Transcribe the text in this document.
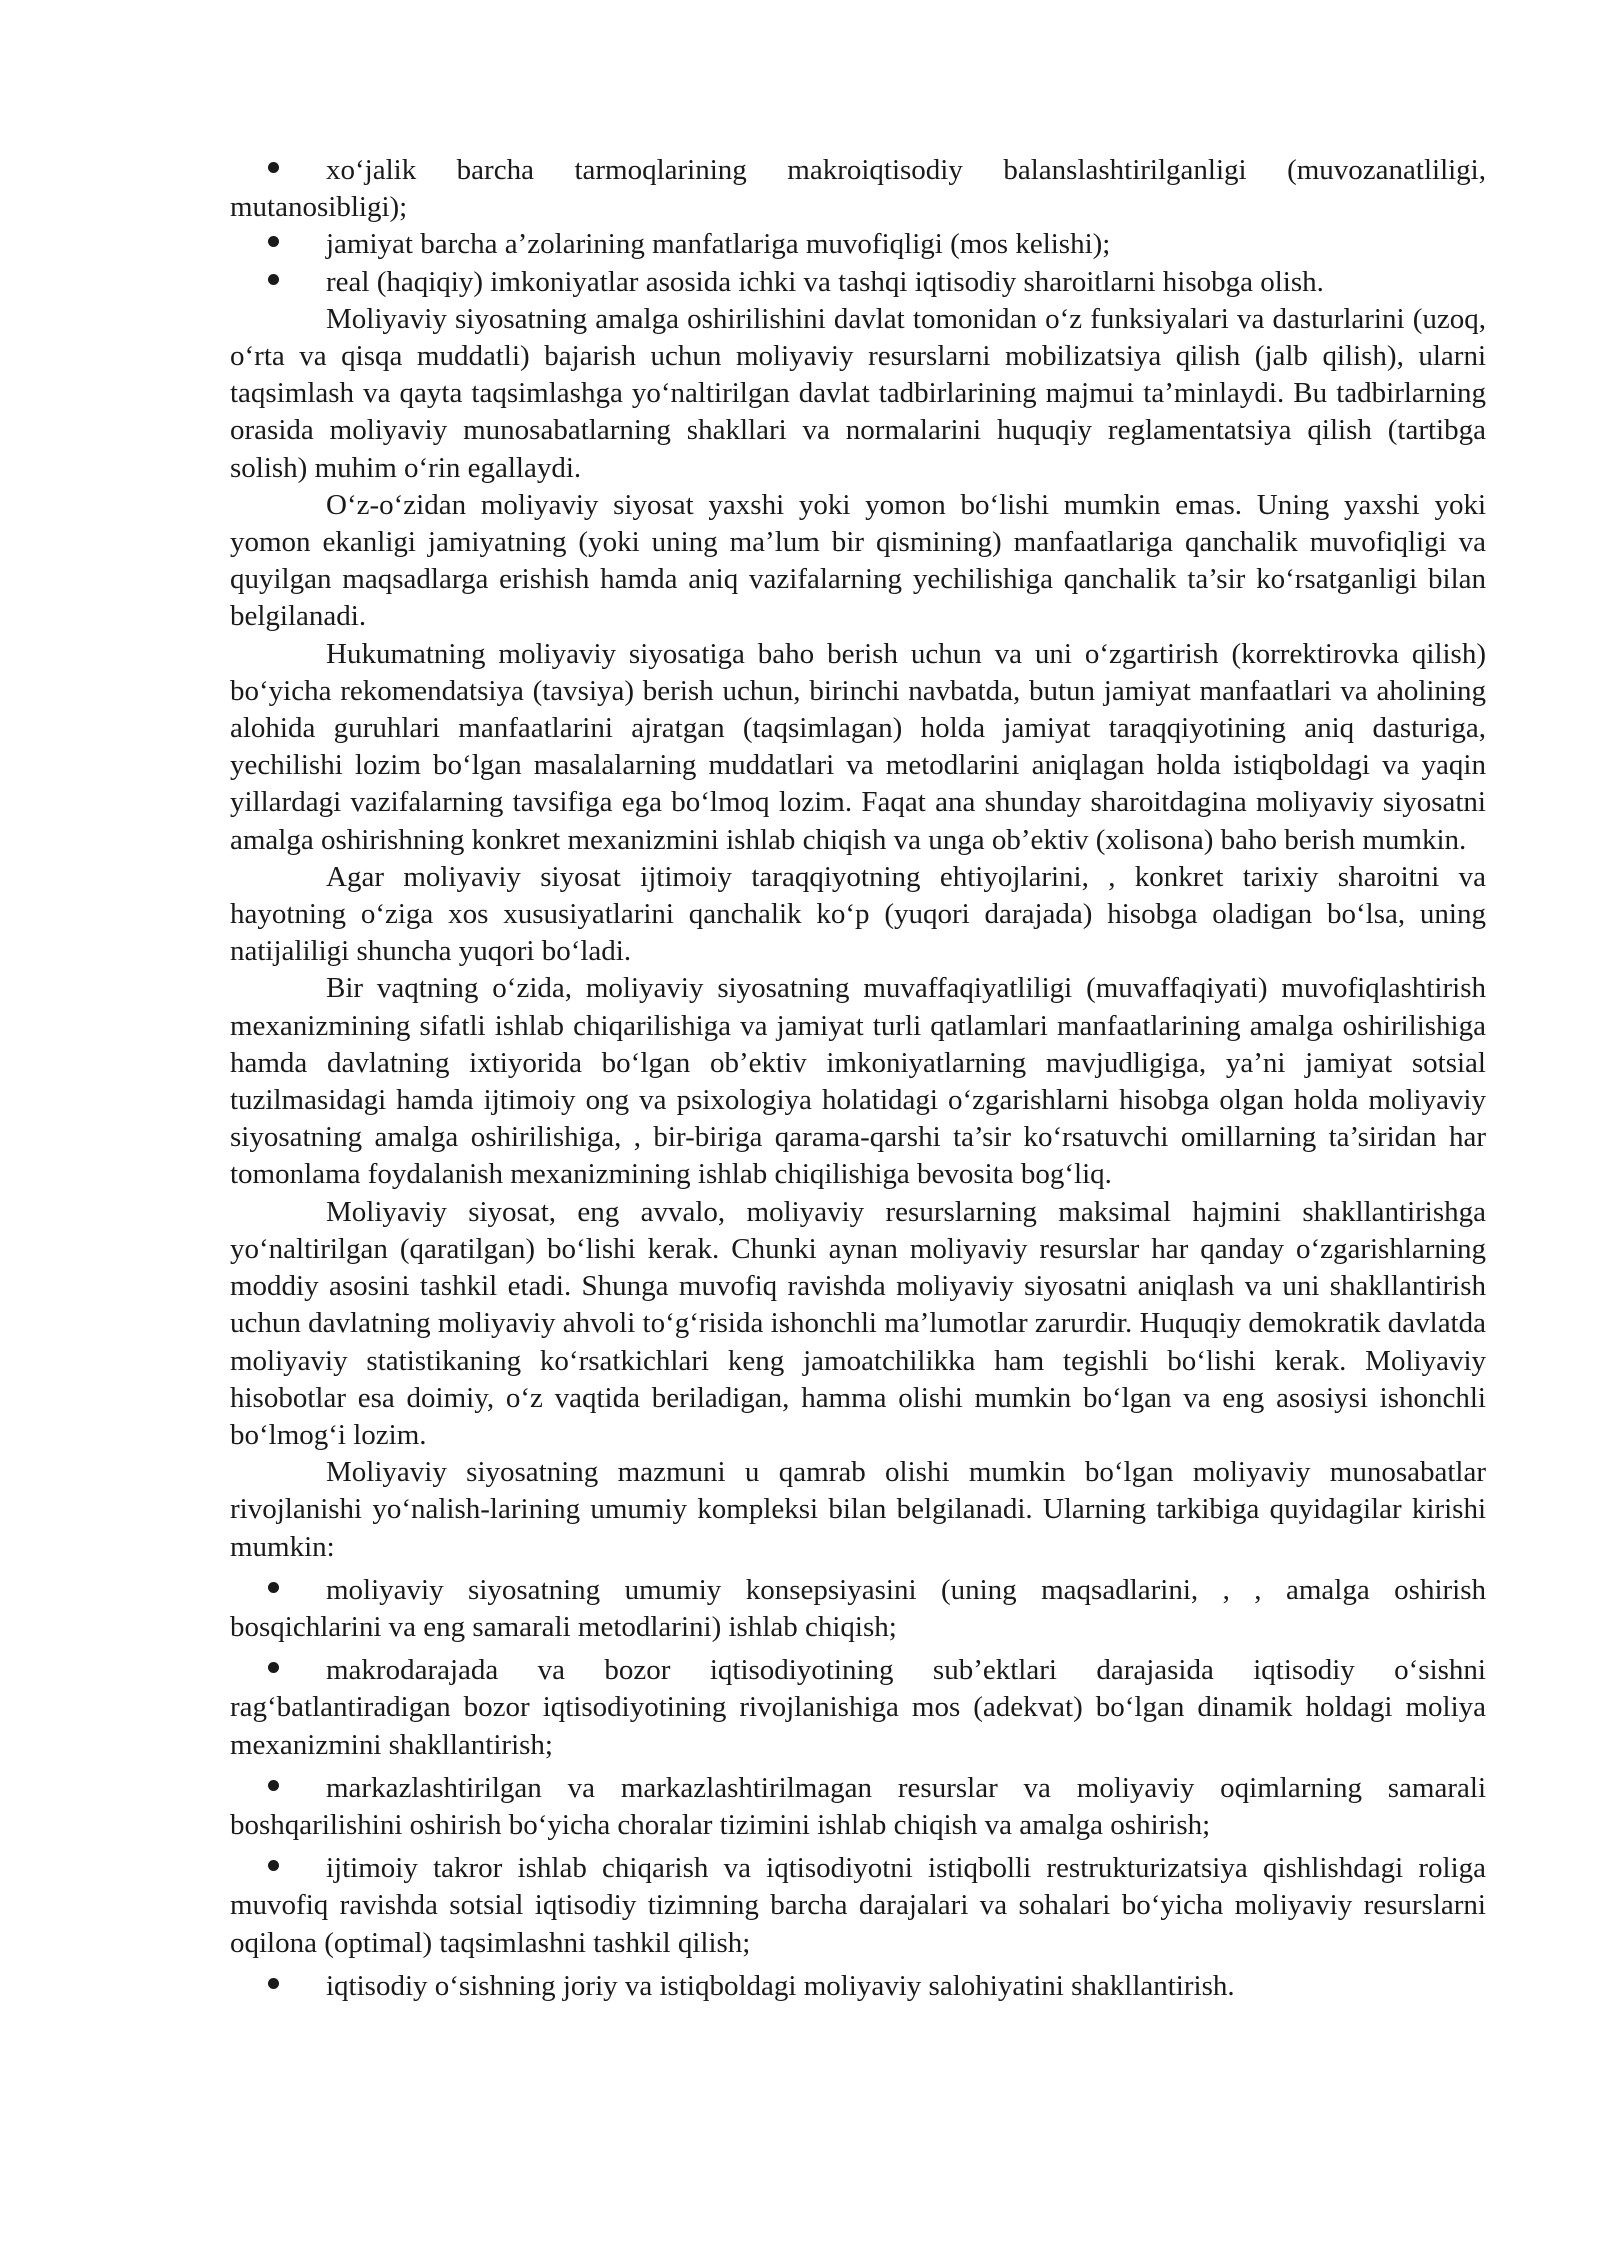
xo‘jalik barcha tarmoqlarining makroiqtisodiy balanslashtirilganligi (muvozanatliligi, mutanosibligi);

jamiyat barcha a’zolarining manfatlariga muvofiqligi (mos kelishi);

real (haqiqiy) imkoniyatlar asosida ichki va tashqi iqtisodiy sharoitlarni hisobga olish.

Moliyaviy siyosatning amalga oshirilishini davlat tomonidan o‘z funksiyalari va dasturlarini (uzoq, o‘rta va qisqa muddatli) bajarish uchun moliyaviy resurslarni mobilizatsiya qilish (jalb qilish), ularni taqsimlash va qayta taqsimlashga yo‘naltirilgan davlat tadbirlarining majmui ta’minlaydi. Bu tadbirlarning orasida moliyaviy munosabatlarning shakllari va normalarini huquqiy reglamentatsiya qilish (tartibga solish) muhim o‘rin egallaydi.

O‘z-o‘zidan moliyaviy siyosat yaxshi yoki yomon bo‘lishi mumkin emas. Uning yaxshi yoki yomon ekanligi jamiyatning (yoki uning ma’lum bir qismining) manfaatlariga qanchalik muvofiqligi va quyilgan maqsadlarga erishish hamda aniq vazifalarning yechilishiga qanchalik ta’sir ko‘rsatganligi bilan belgilanadi.

Hukumatning moliyaviy siyosatiga baho berish uchun va uni o‘zgartirish (korrektirovka qilish) bo‘yicha rekomendatsiya (tavsiya) berish uchun, birinchi navbatda, butun jamiyat manfaatlari va aholining alohida guruhlari manfaatlarini ajratgan (taqsimlagan) holda jamiyat taraqqiyotining aniq dasturiga, yechilishi lozim bo‘lgan masalalarning muddatlari va metodlarini aniqlagan holda istiqboldagi va yaqin yillardagi vazifalarning tavsifiga ega bo‘lmoq lozim. Faqat ana shunday sharoitdagina moliyaviy siyosatni amalga oshirishning konkret mexanizmini ishlab chiqish va unga ob’ektiv (xolisona) baho berish mumkin.

Agar moliyaviy siyosat ijtimoiy taraqqiyotning ehtiyojlarini, , konkret tarixiy sharoitni va hayotning o‘ziga xos xususiyatlarini qanchalik ko‘p (yuqori darajada) hisobga oladigan bo‘lsa, uning natijaliligi shuncha yuqori bo‘ladi.

Bir vaqtning o‘zida, moliyaviy siyosatning muvaffaqiyatliligi (muvaffaqiyati) muvofiqlashtirish mexanizmining sifatli ishlab chiqarilishiga va jamiyat turli qatlamlari manfaatlarining amalga oshirilishiga hamda davlatning ixtiyorida bo‘lgan ob’ektiv imkoniyatlarning mavjudligiga, ya’ni jamiyat sotsial tuzilmasidagi hamda ijtimoiy ong va psixologiya holatidagi o‘zgarishlarni hisobga olgan holda moliyaviy siyosatning amalga oshirilishiga, , bir-biriga qarama-qarshi ta’sir ko‘rsatuvchi omillarning ta’siridan har tomonlama foydalanish mexanizmining ishlab chiqilishiga bevosita bog‘liq.

Moliyaviy siyosat, eng avvalo, moliyaviy resurslarning maksimal hajmini shakllantirishga yo‘naltirilgan (qaratilgan) bo‘lishi kerak. Chunki aynan moliyaviy resurslar har qanday o‘zgarishlarning moddiy asosini tashkil etadi. Shunga muvofiq ravishda moliyaviy siyosatni aniqlash va uni shakllantirish uchun davlatning moliyaviy ahvoli to‘g‘risida ishonchli ma’lumotlar zarurdir. Huquqiy demokratik davlatda moliyaviy statistikaning ko‘rsatkichlari keng jamoatchilikka ham tegishli bo‘lishi kerak. Moliyaviy hisobotlar esa doimiy, o‘z vaqtida beriladigan, hamma olishi mumkin bo‘lgan va eng asosiysi ishonchli bo‘lmog‘i lozim.

Moliyaviy siyosatning mazmuni u qamrab olishi mumkin bo‘lgan moliyaviy munosabatlar rivojlanishi yo‘nalish-larining umumiy kompleksi bilan belgilanadi. Ularning tarkibiga quyidagilar kirishi mumkin:

moliyaviy siyosatning umumiy konsepsiyasini (uning maqsadlarini, , , amalga oshirish bosqichlarini va eng samarali metodlarini) ishlab chiqish;

makrodarajada va bozor iqtisodiyotining sub’ektlari darajasida iqtisodiy o‘sishni rag‘batlantiradigan bozor iqtisodiyotining rivojlanishiga mos (adekvat) bo‘lgan dinamik holdagi moliya mexanizmini shakllantirish;

markazlashtirilgan va markazlashtirilmagan resurslar va moliyaviy oqimlarning samarali boshqarilishini oshirish bo‘yicha choralar tizimini ishlab chiqish va amalga oshirish;

ijtimoiy takror ishlab chiqarish va iqtisodiyotni istiqbolli restrukturizatsiya qishlishdagi roliga muvofiq ravishda sotsial iqtisodiy tizimning barcha darajalari va sohalari bo‘yicha moliyaviy resurslarni oqilona (optimal) taqsimlashni tashkil qilish;

iqtisodiy o‘sishning joriy va istiqboldagi moliyaviy salohiyatini shakllantirish.
